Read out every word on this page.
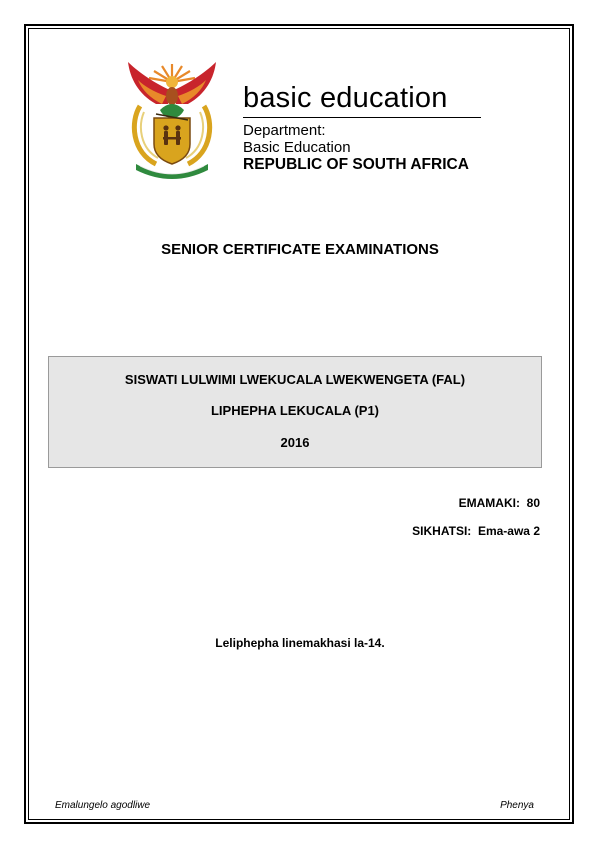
basic education
Department:
Basic Education
REPUBLIC OF SOUTH AFRICA
SENIOR CERTIFICATE EXAMINATIONS
SISWATI LULWIMI LWEKUCALA LWEKWENGETA (FAL)
LIPHEPHA LEKUCALA (P1)
2016
EMAMAKI: 80
SIKHATSI: Ema-awa 2
Leliphepha linemakhasi la-14.
Emalungelo agodliwe	Phenya
